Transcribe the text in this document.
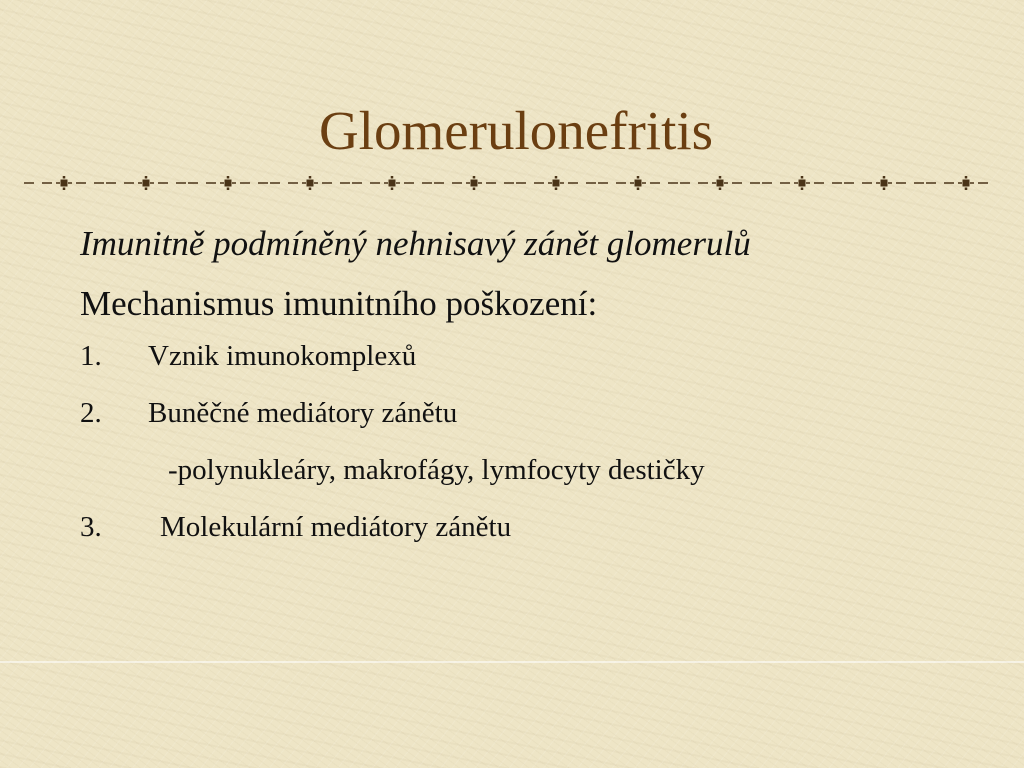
Glomerulonefritis

Imunitně podmíněný nehnisavý zánět glomerulů

Mechanismus imunitního poškození:

1. Vznik imunokomplexů

2. Buněčné mediátory zánětu

-polynukleáry, makrofágy, lymfocyty destičky

3. Molekulární mediátory zánětu
